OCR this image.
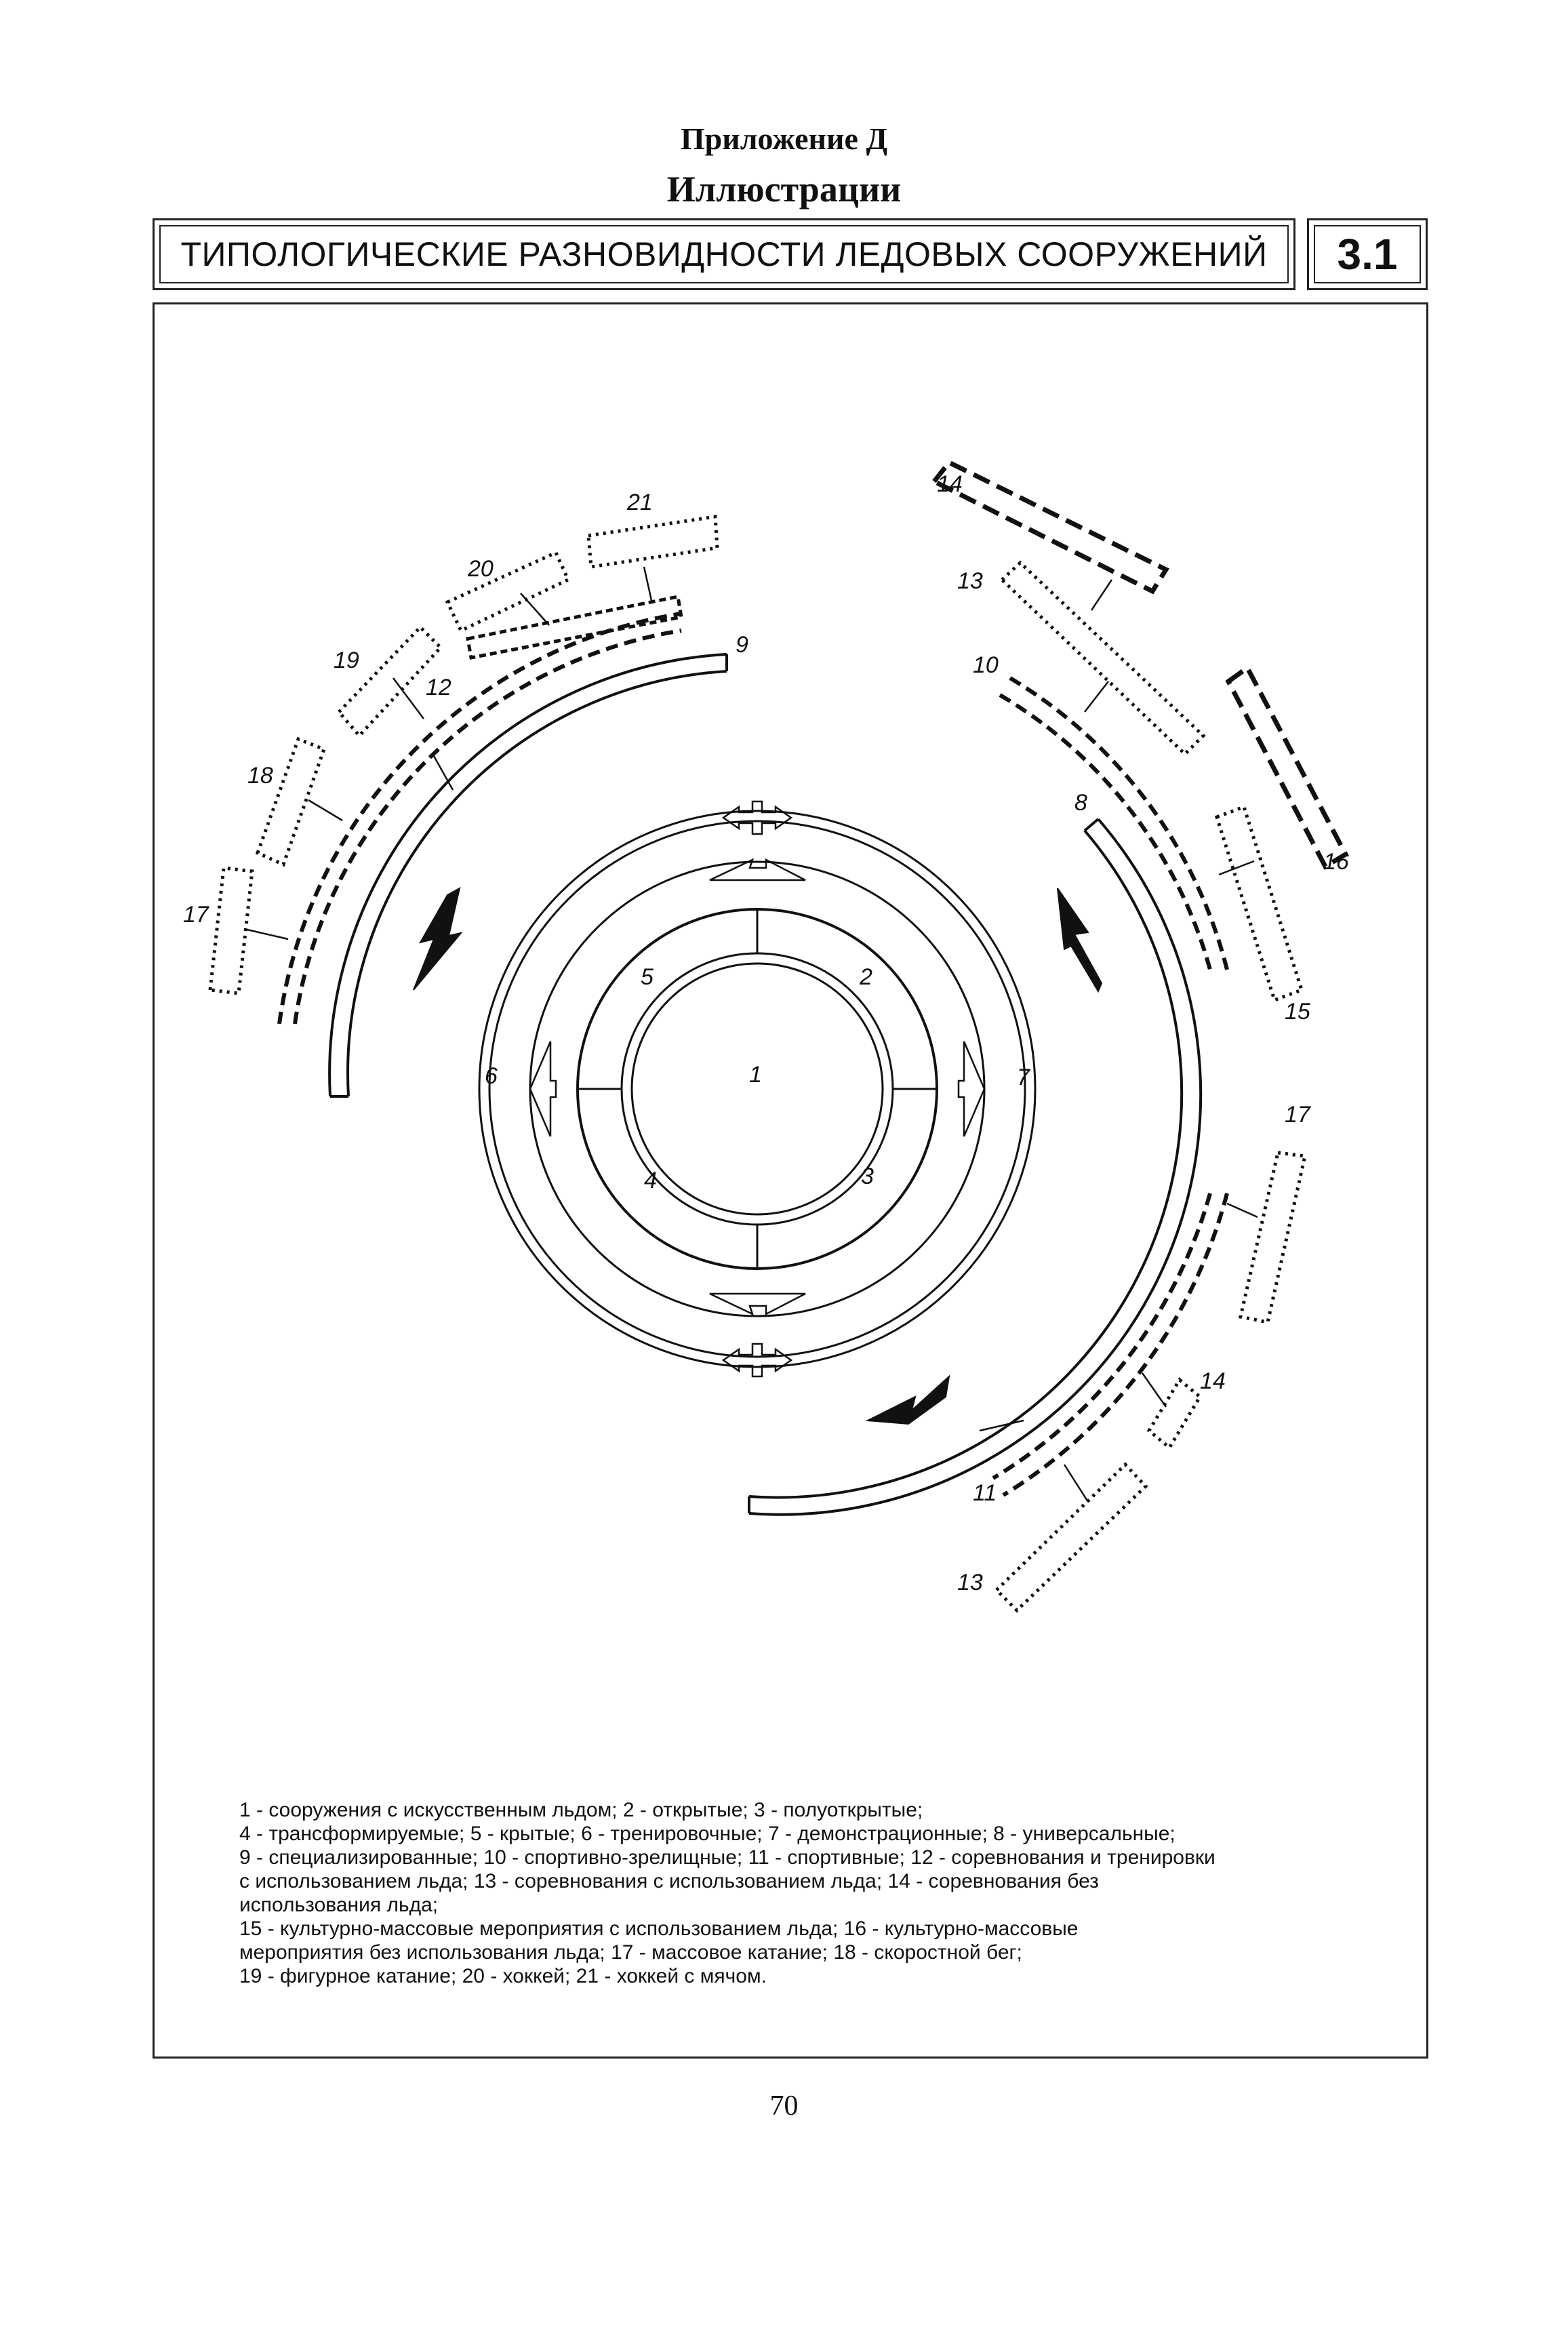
Приложение Д
Иллюстрации
ТИПОЛОГИЧЕСКИЕ РАЗНОВИДНОСТИ ЛЕДОВЫХ СООРУЖЕНИЙ	3.1
1
2
3
4
5
6	7
8
9
10
11
12
13
13
14
14
15
16
17
17
18
19
20
21

1 - сооружения с искусственным льдом; 2 - открытые; 3 - полуоткрытые;

4 - трансформируемые; 5 - крытые; 6 - тренировочные; 7 - демонстрационные; 8 - универсальные;

9 - специализированные; 10 - спортивно-зрелищные; 11 - спортивные; 12 - соревнования и тренировки

с использованием льда; 13 - соревнования с использованием льда; 14 - соревнования без

использования льда;

15 - культурно-массовые мероприятия с использованием льда; 16 - культурно-массовые

мероприятия без использования льда; 17 - массовое катание; 18 - скоростной бег;

19 - фигурное катание; 20 - хоккей; 21 - хоккей с мячом.

70
